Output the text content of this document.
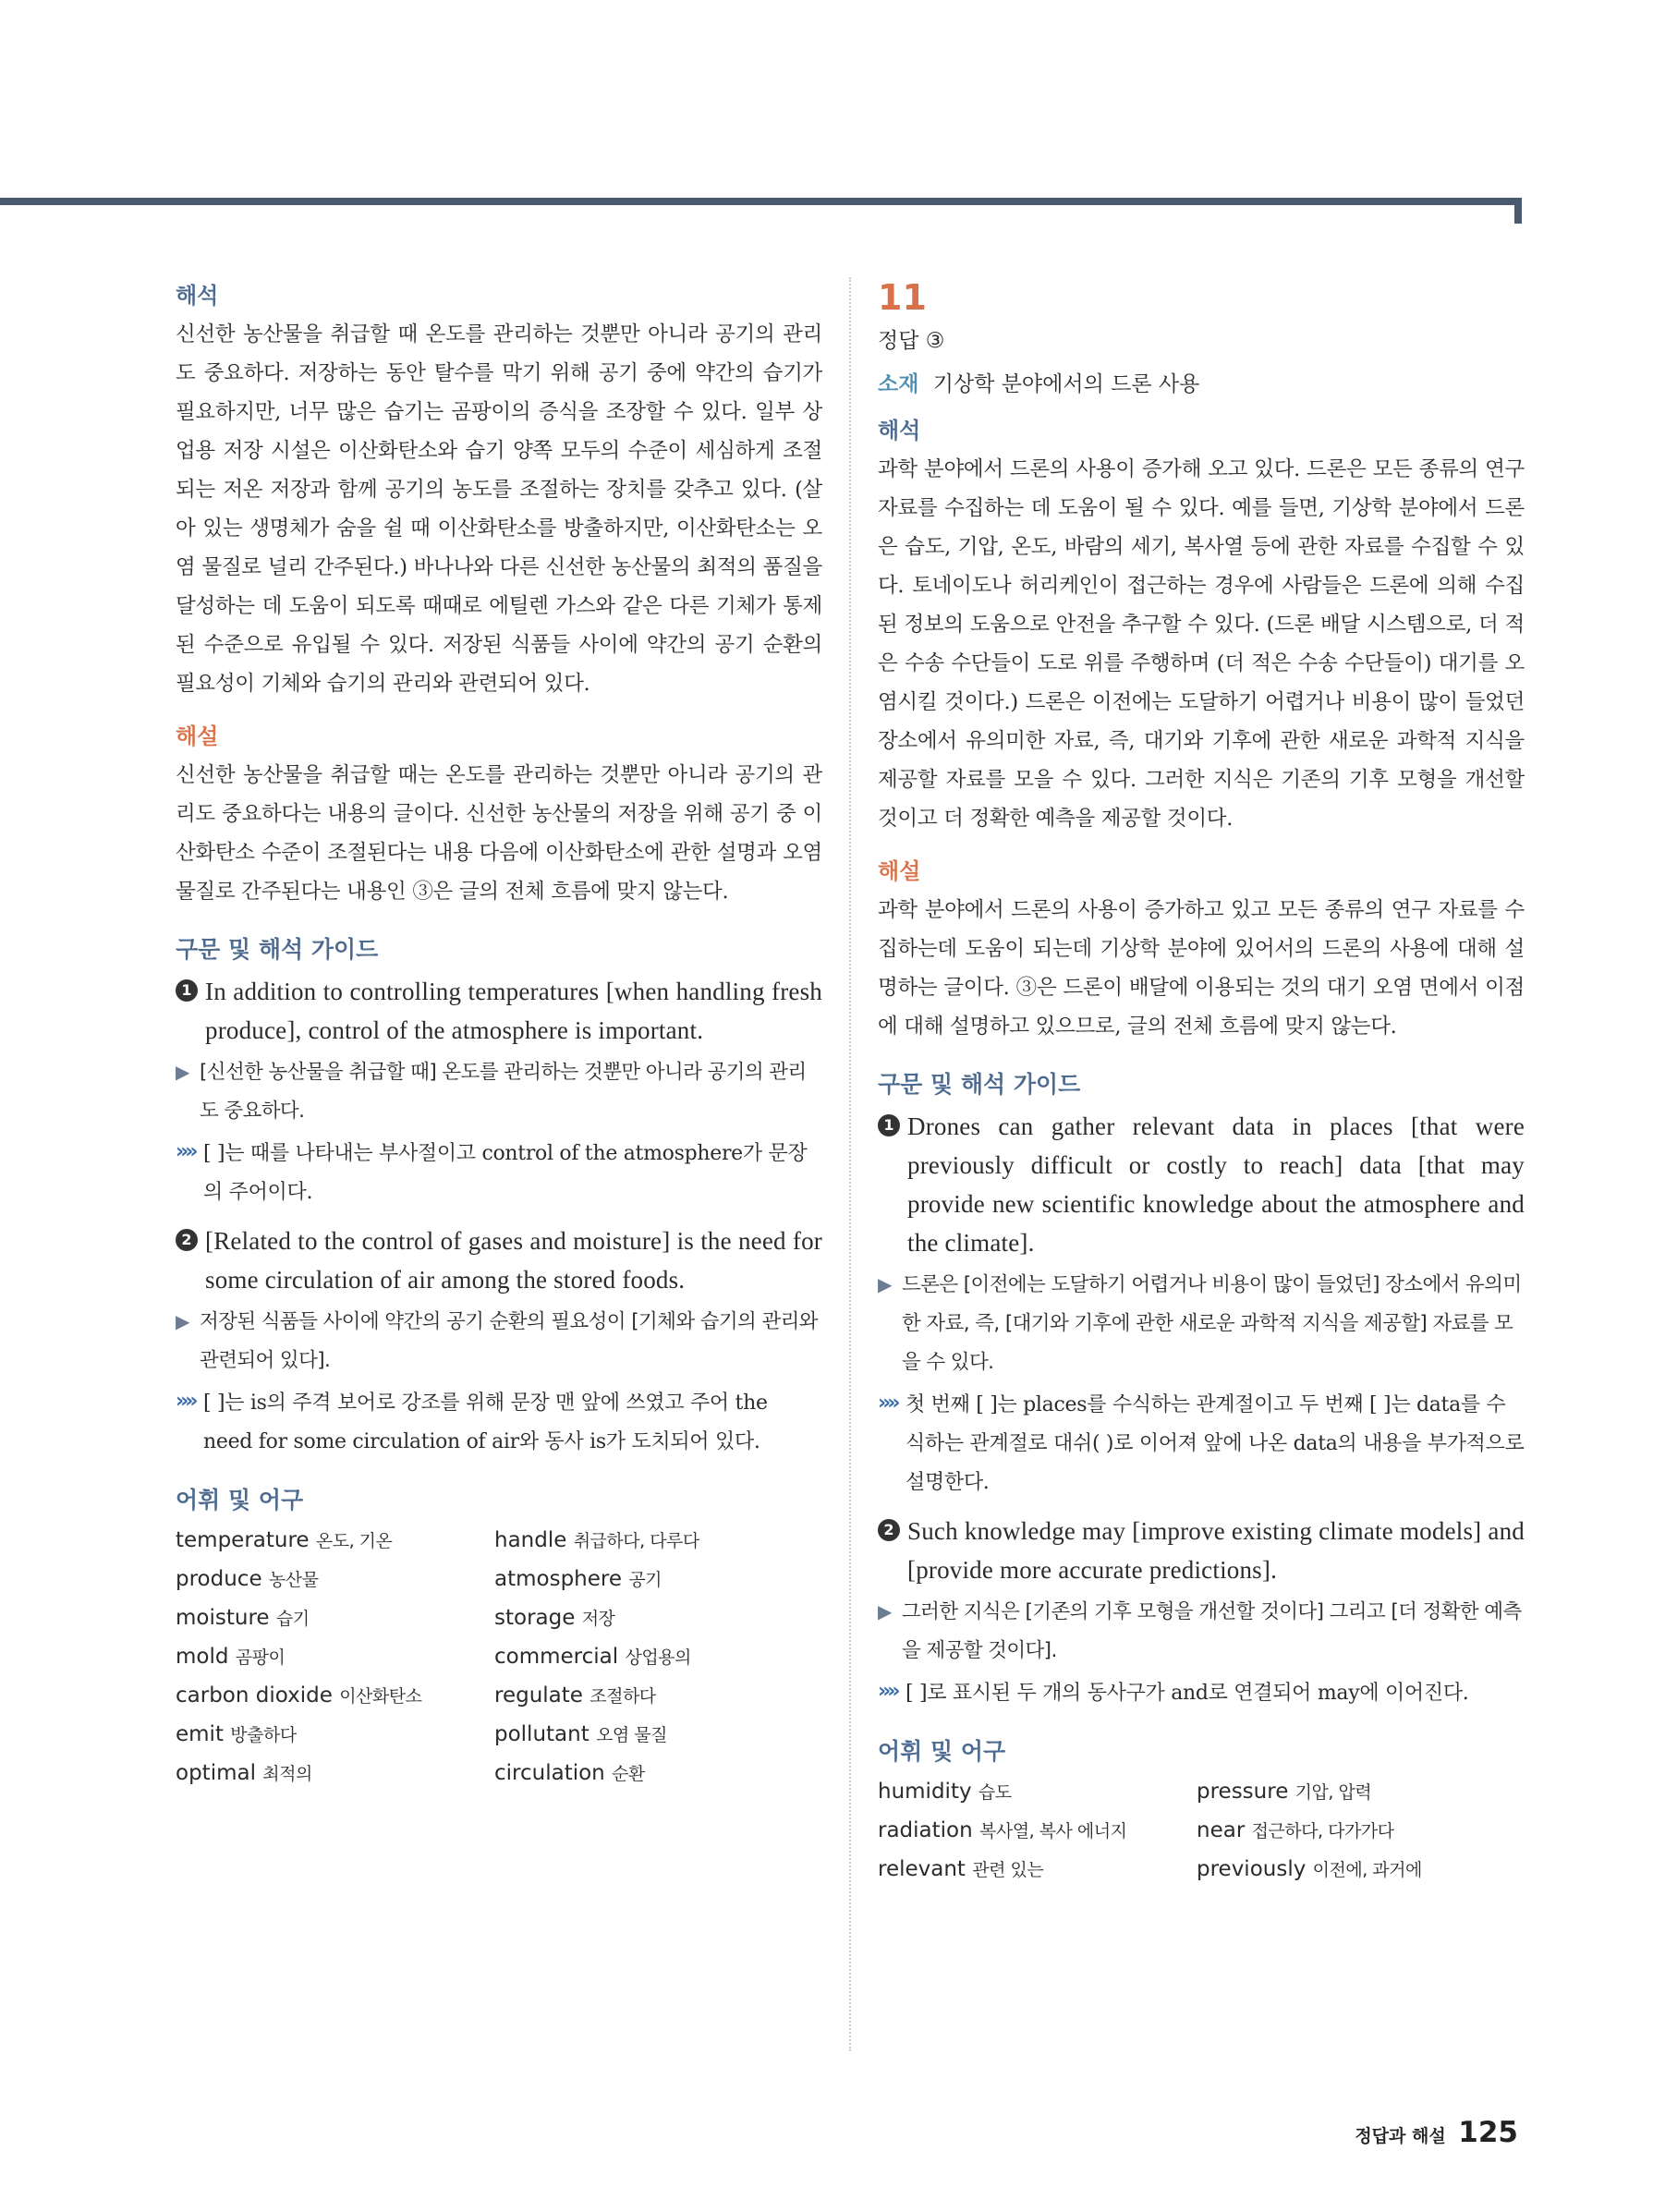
해석

신선한 농산물을 취급할 때 온도를 관리하는 것뿐만 아니라 공기의 관리도 중요하다. 저장하는 동안 탈수를 막기 위해 공기 중에 약간의 습기가 필요하지만, 너무 많은 습기는 곰팡이의 증식을 조장할 수 있다. 일부 상업용 저장 시설은 이산화탄소와 습기 양쪽 모두의 수준이 세심하게 조절되는 저온 저장과 함께 공기의 농도를 조절하는 장치를 갖추고 있다. (살아 있는 생명체가 숨을 쉴 때 이산화탄소를 방출하지만, 이산화탄소는 오염 물질로 널리 간주된다.) 바나나와 다른 신선한 농산물의 최적의 품질을 달성하는 데 도움이 되도록 때때로 에틸렌 가스와 같은 다른 기체가 통제된 수준으로 유입될 수 있다. 저장된 식품들 사이에 약간의 공기 순환의 필요성이 기체와 습기의 관리와 관련되어 있다.

해설

신선한 농산물을 취급할 때는 온도를 관리하는 것뿐만 아니라 공기의 관리도 중요하다는 내용의 글이다. 신선한 농산물의 저장을 위해 공기 중 이산화탄소 수준이 조절된다는 내용 다음에 이산화탄소에 관한 설명과 오염 물질로 간주된다는 내용인 ③은 글의 전체 흐름에 맞지 않는다.

구문 및 해석 가이드
1 In addition to controlling temperatures [when handling fresh produce], control of the atmosphere is important.
▶ [신선한 농산물을 취급할 때] 온도를 관리하는 것뿐만 아니라 공기의 관리도 중요하다.
»» [ ]는 때를 나타내는 부사절이고 control of the atmosphere가 문장의 주어이다.
2 [Related to the control of gases and moisture] is the need for some circulation of air among the stored foods.
▶ 저장된 식품들 사이에 약간의 공기 순환의 필요성이 [기체와 습기의 관리와 관련되어 있다].
»» [ ]는 is의 주격 보어로 강조를 위해 문장 맨 앞에 쓰였고 주어 the need for some circulation of air와 동사 is가 도치되어 있다.
어휘 및 어구
temperature 온도, 기온	handle 취급하다, 다루다
produce 농산물	atmosphere 공기
moisture 습기	storage 저장
mold 곰팡이	commercial 상업용의
carbon dioxide 이산화탄소	regulate 조절하다
emit 방출하다	pollutant 오염 물질
optimal 최적의	circulation 순환
11
정답 ③
소재 기상학 분야에서의 드론 사용
해석

과학 분야에서 드론의 사용이 증가해 오고 있다. 드론은 모든 종류의 연구 자료를 수집하는 데 도움이 될 수 있다. 예를 들면, 기상학 분야에서 드론은 습도, 기압, 온도, 바람의 세기, 복사열 등에 관한 자료를 수집할 수 있다. 토네이도나 허리케인이 접근하는 경우에 사람들은 드론에 의해 수집된 정보의 도움으로 안전을 추구할 수 있다. (드론 배달 시스템으로, 더 적은 수송 수단들이 도로 위를 주행하며 (더 적은 수송 수단들이) 대기를 오염시킬 것이다.) 드론은 이전에는 도달하기 어렵거나 비용이 많이 들었던 장소에서 유의미한 자료, 즉, 대기와 기후에 관한 새로운 과학적 지식을 제공할 자료를 모을 수 있다. 그러한 지식은 기존의 기후 모형을 개선할 것이고 더 정확한 예측을 제공할 것이다.

해설

과학 분야에서 드론의 사용이 증가하고 있고 모든 종류의 연구 자료를 수집하는데 도움이 되는데 기상학 분야에 있어서의 드론의 사용에 대해 설명하는 글이다. ③은 드론이 배달에 이용되는 것의 대기 오염 면에서 이점에 대해 설명하고 있으므로, 글의 전체 흐름에 맞지 않는다.

구문 및 해석 가이드
1 Drones can gather relevant data in places [that were previously difficult or costly to reach] data [that may provide new scientific knowledge about the atmosphere and the climate].
▶ 드론은 [이전에는 도달하기 어렵거나 비용이 많이 들었던] 장소에서 유의미한 자료, 즉, [대기와 기후에 관한 새로운 과학적 지식을 제공할] 자료를 모을 수 있다.
»» 첫 번째 [ ]는 places를 수식하는 관계절이고 두 번째 [ ]는 data를 수식하는 관계절로 대쉬( )로 이어져 앞에 나온 data의 내용을 부가적으로 설명한다.
2 Such knowledge may [improve existing climate models] and [provide more accurate predictions].
▶ 그러한 지식은 [기존의 기후 모형을 개선할 것이다] 그리고 [더 정확한 예측을 제공할 것이다].
»» [ ]로 표시된 두 개의 동사구가 and로 연결되어 may에 이어진다.
어휘 및 어구
humidity 습도	pressure 기압, 압력
radiation 복사열, 복사 에너지	near 접근하다, 다가가다
relevant 관련 있는	previously 이전에, 과거에
정답과 해설 125
